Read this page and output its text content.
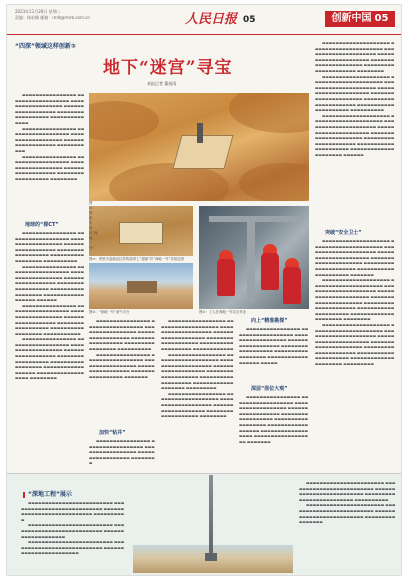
2023年11月28日 星期二
责编：杨宏峰 邮箱：rmlt@rmrb.com.cn	人民日报 05	创新中国 05
“四深”领域这样创新③
地下“迷宫”寻宝
本报记者 董丝雨

▬▬▬▬▬▬▬▬▬▬▬▬▬▬▬▬ ▬▬▬▬▬▬▬▬▬▬▬▬▬▬▬▬▬▬ ▬▬▬▬▬▬▬▬▬▬▬▬▬▬▬▬▬▬ ▬▬▬▬▬▬▬▬▬▬▬▬▬▬▬▬▬▬ ▬▬▬▬▬▬▬▬▬▬▬▬▬▬▬▬▬▬ ▬▬▬▬▬▬▬▬▬▬▬▬▬▬

▬▬▬▬▬▬▬▬▬▬▬▬▬▬▬▬ ▬▬▬▬▬▬▬▬▬▬▬▬▬▬▬▬▬▬ ▬▬▬▬▬▬▬▬▬▬▬▬▬▬▬▬▬▬ ▬▬▬▬▬▬▬▬▬▬▬▬▬▬▬▬▬▬ ▬▬▬▬▬▬▬▬▬▬▬

▬▬▬▬▬▬▬▬▬▬▬▬▬▬▬▬ ▬▬▬▬▬▬▬▬▬▬▬▬▬▬▬▬▬▬ ▬▬▬▬▬▬▬▬▬▬▬▬▬▬▬▬▬▬ ▬▬▬▬▬▬▬▬▬▬▬▬▬▬▬▬▬▬ ▬▬▬▬▬▬▬▬▬▬▬▬▬▬▬▬▬▬ ▬▬▬▬▬▬▬▬

地球的“探CT”

▬▬▬▬▬▬▬▬▬▬▬▬▬▬▬▬ ▬▬▬▬▬▬▬▬▬▬▬▬▬▬▬▬▬▬ ▬▬▬▬▬▬▬▬▬▬▬▬▬▬▬▬▬▬ ▬▬▬▬▬▬▬▬▬▬▬▬▬▬▬▬▬▬ ▬▬▬▬▬▬▬▬▬▬▬▬▬▬▬▬▬▬ ▬▬▬▬▬▬▬▬▬▬▬▬▬▬▬▬▬▬ ▬▬▬▬▬▬▬▬▬▬

▬▬▬▬▬▬▬▬▬▬▬▬▬▬▬▬ ▬▬▬▬▬▬▬▬▬▬▬▬▬▬▬▬▬▬ ▬▬▬▬▬▬▬▬▬▬▬▬▬▬▬▬▬▬ ▬▬▬▬▬▬▬▬▬▬▬▬▬▬▬▬▬▬ ▬▬▬▬▬▬▬▬▬▬▬▬▬▬▬▬▬▬ ▬▬▬▬▬▬▬▬▬▬▬▬▬▬▬▬▬▬ ▬▬▬▬▬▬▬▬▬▬▬▬▬▬▬▬▬▬ ▬▬▬▬▬▬

▬▬▬▬▬▬▬▬▬▬▬▬▬▬▬▬ ▬▬▬▬▬▬▬▬▬▬▬▬▬▬▬▬▬▬ ▬▬▬▬▬▬▬▬▬▬▬▬▬▬▬▬▬▬ ▬▬▬▬▬▬▬▬▬▬▬▬▬▬▬▬▬▬ ▬▬▬▬▬▬▬▬▬▬▬▬▬▬▬▬▬▬ ▬▬▬▬▬▬▬▬▬▬▬▬▬▬▬▬▬▬ ▬▬▬▬▬▬▬▬▬▬▬

▬▬▬▬▬▬▬▬▬▬▬▬▬▬▬▬ ▬▬▬▬▬▬▬▬▬▬▬▬▬▬▬▬▬▬ ▬▬▬▬▬▬▬▬▬▬▬▬▬▬▬▬▬▬ ▬▬▬▬▬▬▬▬▬▬▬▬▬▬▬▬▬▬ ▬▬▬▬▬▬▬▬▬▬▬▬▬▬▬▬▬▬ ▬▬▬▬▬▬▬▬▬▬▬▬▬▬▬▬▬▬ ▬▬▬▬▬▬▬▬▬▬▬▬▬▬▬▬▬▬ ▬▬▬▬▬▬▬▬▬▬▬▬▬▬▬▬▬▬ ▬▬▬▬▬▬▬▬

图②：塔里木盆地克拉苏构造带上“超深”井“深地一号”井组近照
图④：“深地一号”油气平台	图③：工人在深地一号井区作业
图

▬▬▬▬▬▬▬▬▬▬▬▬▬▬▬▬▬▬▬▬ ▬▬▬▬▬▬▬▬▬▬▬▬▬▬▬▬▬▬▬▬▬ ▬▬▬▬▬▬▬▬▬▬▬▬▬▬▬▬▬▬▬▬▬ ▬▬▬▬▬▬▬▬▬▬▬▬▬▬▬▬▬▬▬▬▬ ▬▬▬▬▬▬▬▬▬▬▬▬▬▬▬▬▬▬▬▬▬ ▬▬▬▬▬▬▬▬▬▬▬▬▬▬▬▬▬▬▬▬▬ ▬▬▬▬▬▬▬▬

▬▬▬▬▬▬▬▬▬▬▬▬▬▬▬▬▬▬▬▬ ▬▬▬▬▬▬▬▬▬▬▬▬▬▬▬▬▬▬▬▬▬ ▬▬▬▬▬▬▬▬▬▬▬▬▬▬▬▬▬▬▬▬▬ ▬▬▬▬▬▬▬▬▬▬▬▬▬▬▬▬▬▬▬▬▬ ▬▬▬▬▬▬▬▬▬▬▬▬▬▬▬▬▬▬▬▬▬ ▬▬▬▬▬▬▬▬▬▬▬▬▬▬▬▬▬▬▬▬▬ ▬▬▬▬▬▬▬▬▬▬▬▬▬▬▬▬▬▬▬▬▬ ▬▬▬▬▬▬▬▬▬▬

▬▬▬▬▬▬▬▬▬▬▬▬▬▬▬▬▬▬▬▬ ▬▬▬▬▬▬▬▬▬▬▬▬▬▬▬▬▬▬▬▬▬ ▬▬▬▬▬▬▬▬▬▬▬▬▬▬▬▬▬▬▬▬▬ ▬▬▬▬▬▬▬▬▬▬▬▬▬▬▬▬▬▬▬▬▬ ▬▬▬▬▬▬▬▬▬▬▬▬▬▬▬▬▬▬▬▬▬ ▬▬▬▬▬▬▬▬▬▬▬▬▬▬▬▬▬▬▬▬▬ ▬▬▬▬▬▬▬▬▬▬▬▬▬▬▬▬▬▬▬▬▬ ▬▬▬▬▬▬▬▬▬▬▬▬▬▬▬▬▬▬▬▬▬ ▬▬▬▬▬▬

突破“安全卫士”

▬▬▬▬▬▬▬▬▬▬▬▬▬▬▬▬▬▬▬▬ ▬▬▬▬▬▬▬▬▬▬▬▬▬▬▬▬▬▬▬▬▬ ▬▬▬▬▬▬▬▬▬▬▬▬▬▬▬▬▬▬▬▬▬ ▬▬▬▬▬▬▬▬▬▬▬▬▬▬▬▬▬▬▬▬▬ ▬▬▬▬▬▬▬▬▬▬▬▬▬▬▬▬▬▬▬▬▬ ▬▬▬▬▬▬▬▬▬▬▬▬▬▬▬▬▬▬▬▬▬ ▬▬▬▬▬▬▬▬▬▬▬▬▬▬▬▬▬▬▬▬▬ ▬▬▬▬▬▬▬

▬▬▬▬▬▬▬▬▬▬▬▬▬▬▬▬▬▬▬▬ ▬▬▬▬▬▬▬▬▬▬▬▬▬▬▬▬▬▬▬▬▬ ▬▬▬▬▬▬▬▬▬▬▬▬▬▬▬▬▬▬▬▬▬ ▬▬▬▬▬▬▬▬▬▬▬▬▬▬▬▬▬▬▬▬▬ ▬▬▬▬▬▬▬▬▬▬▬▬▬▬▬▬▬▬▬▬▬ ▬▬▬▬▬▬▬▬▬▬▬▬▬▬▬▬▬▬▬▬▬ ▬▬▬▬▬▬▬▬▬▬▬▬▬▬▬▬▬▬▬▬▬ ▬▬▬▬▬▬▬▬▬▬▬▬▬▬▬▬▬▬▬▬▬ ▬▬▬▬▬▬▬▬

▬▬▬▬▬▬▬▬▬▬▬▬▬▬▬▬▬▬▬▬ ▬▬▬▬▬▬▬▬▬▬▬▬▬▬▬▬▬▬▬▬▬ ▬▬▬▬▬▬▬▬▬▬▬▬▬▬▬▬▬▬▬▬▬ ▬▬▬▬▬▬▬▬▬▬▬▬▬▬▬▬▬▬▬▬▬ ▬▬▬▬▬▬▬▬▬▬▬▬▬▬▬▬▬▬▬▬▬ ▬▬▬▬▬▬▬▬▬▬▬▬▬▬▬▬▬▬▬▬▬ ▬▬▬▬▬▬▬▬▬▬▬▬▬▬▬▬▬▬▬▬▬ ▬▬▬▬▬▬▬▬▬▬▬▬▬▬▬▬▬▬▬▬▬ ▬▬▬▬▬▬▬▬▬

▬▬▬▬▬▬▬▬▬▬▬▬▬▬▬▬ ▬▬▬▬▬▬▬▬▬▬▬▬▬▬▬▬▬ ▬▬▬▬▬▬▬▬▬▬▬▬▬▬▬▬▬ ▬▬▬▬▬▬▬▬▬▬▬▬▬▬▬▬▬ ▬▬▬▬▬▬▬▬▬▬▬▬▬▬▬▬▬ ▬▬▬▬▬▬▬▬▬▬▬▬▬▬▬▬▬ ▬▬▬▬▬▬▬▬▬▬

▬▬▬▬▬▬▬▬▬▬▬▬▬▬▬▬ ▬▬▬▬▬▬▬▬▬▬▬▬▬▬▬▬▬ ▬▬▬▬▬▬▬▬▬▬▬▬▬▬▬▬▬ ▬▬▬▬▬▬▬▬▬▬▬▬▬▬▬▬▬ ▬▬▬▬▬▬▬▬▬▬▬▬▬▬▬▬▬ ▬▬▬▬▬▬▬

加快“钻井”

▬▬▬▬▬▬▬▬▬▬▬▬▬▬▬▬ ▬▬▬▬▬▬▬▬▬▬▬▬▬▬▬▬▬ ▬▬▬▬▬▬▬▬▬▬▬▬▬▬▬▬▬ ▬▬▬▬▬▬▬▬▬▬▬▬▬▬▬▬▬ ▬▬▬▬▬▬▬▬

▬▬▬▬▬▬▬▬▬▬▬▬▬▬▬▬▬ ▬▬▬▬▬▬▬▬▬▬▬▬▬▬▬▬▬▬▬ ▬▬▬▬▬▬▬▬▬▬▬▬▬▬▬▬▬▬▬ ▬▬▬▬▬▬▬▬▬▬▬▬▬▬▬▬▬▬▬ ▬▬▬▬▬▬▬▬▬▬▬▬▬▬▬▬▬▬▬ ▬▬▬▬▬▬▬▬▬▬▬▬▬▬▬▬▬▬▬ ▬▬▬▬▬▬▬▬▬▬▬▬

▬▬▬▬▬▬▬▬▬▬▬▬▬▬▬▬▬ ▬▬▬▬▬▬▬▬▬▬▬▬▬▬▬▬▬▬▬ ▬▬▬▬▬▬▬▬▬▬▬▬▬▬▬▬▬▬▬ ▬▬▬▬▬▬▬▬▬▬▬▬▬▬▬▬▬▬▬ ▬▬▬▬▬▬▬▬▬▬▬▬▬▬▬▬▬▬▬ ▬▬▬▬▬▬▬▬▬▬▬▬▬▬▬▬▬▬▬ ▬▬▬▬▬▬▬▬▬▬▬▬▬▬▬▬▬▬▬ ▬▬▬▬▬▬▬▬▬

▬▬▬▬▬▬▬▬▬▬▬▬▬▬▬▬▬ ▬▬▬▬▬▬▬▬▬▬▬▬▬▬▬▬▬▬▬ ▬▬▬▬▬▬▬▬▬▬▬▬▬▬▬▬▬▬▬ ▬▬▬▬▬▬▬▬▬▬▬▬▬▬▬▬▬▬▬ ▬▬▬▬▬▬▬▬▬▬▬▬▬▬▬▬▬▬▬ ▬▬▬▬▬▬▬▬

向上“精准勘探”

▬▬▬▬▬▬▬▬▬▬▬▬▬▬▬▬ ▬▬▬▬▬▬▬▬▬▬▬▬▬▬▬▬▬▬ ▬▬▬▬▬▬▬▬▬▬▬▬▬▬▬▬▬▬ ▬▬▬▬▬▬▬▬▬▬▬▬▬▬▬▬▬▬ ▬▬▬▬▬▬▬▬▬▬▬▬▬▬▬▬▬▬ ▬▬▬▬▬▬▬▬▬▬▬▬▬▬▬▬▬▬ ▬▬▬▬▬▬▬▬▬▬▬▬▬▬▬▬▬▬ ▬▬▬▬▬

深层“原位大观”

▬▬▬▬▬▬▬▬▬▬▬▬▬▬▬▬ ▬▬▬▬▬▬▬▬▬▬▬▬▬▬▬▬▬▬ ▬▬▬▬▬▬▬▬▬▬▬▬▬▬▬▬▬▬ ▬▬▬▬▬▬▬▬▬▬▬▬▬▬▬▬▬▬ ▬▬▬▬▬▬▬▬▬▬▬▬▬▬▬▬▬▬ ▬▬▬▬▬▬▬▬▬▬▬▬▬▬▬▬▬▬ ▬▬▬▬▬▬▬▬▬▬▬▬▬▬▬▬▬▬ ▬▬▬▬▬▬▬▬▬▬▬▬▬▬▬▬▬▬ ▬▬▬▬▬▬▬▬▬▬▬▬▬▬▬▬▬▬ ▬▬▬▬▬▬▬

“深地工程”展示

▬▬▬▬▬▬▬▬▬▬▬▬▬▬▬▬▬▬▬▬▬▬▬▬▬ ▬▬▬▬▬▬▬▬▬▬▬▬▬▬▬▬▬▬▬▬▬▬▬▬▬▬▬ ▬▬▬▬▬▬▬▬▬▬▬▬▬▬▬▬▬▬▬▬▬▬▬▬▬▬▬ ▬▬▬▬▬▬▬▬▬▬

▬▬▬▬▬▬▬▬▬▬▬▬▬▬▬▬▬▬▬▬▬▬▬▬▬ ▬▬▬▬▬▬▬▬▬▬▬▬▬▬▬▬▬▬▬▬▬▬▬▬▬▬▬ ▬▬▬▬▬▬▬▬▬▬▬▬▬▬▬▬▬▬▬

▬▬▬▬▬▬▬▬▬▬▬▬▬▬▬▬▬▬▬▬▬▬▬▬▬ ▬▬▬▬▬▬▬▬▬▬▬▬▬▬▬▬▬▬▬▬▬▬▬▬▬▬▬ ▬▬▬▬▬▬▬▬▬▬▬▬▬▬▬▬▬▬▬▬▬▬▬

▬▬▬▬▬▬▬▬▬▬▬▬▬▬▬▬▬▬▬▬▬▬▬ ▬▬▬▬▬▬▬▬▬▬▬▬▬▬▬▬▬▬▬▬▬▬▬▬▬ ▬▬▬▬▬▬▬▬▬▬▬▬▬▬▬▬▬▬▬▬▬▬▬▬▬ ▬▬▬▬▬▬▬▬▬▬▬▬▬▬▬▬▬▬▬▬▬▬▬▬▬ ▬▬▬▬▬▬▬▬▬▬

▬▬▬▬▬▬▬▬▬▬▬▬▬▬▬▬▬▬▬▬▬▬▬ ▬▬▬▬▬▬▬▬▬▬▬▬▬▬▬▬▬▬▬▬▬▬▬▬▬ ▬▬▬▬▬▬▬▬▬▬▬▬▬▬▬▬▬▬▬▬▬▬▬▬▬ ▬▬▬▬▬▬▬▬▬▬▬▬▬▬▬▬
